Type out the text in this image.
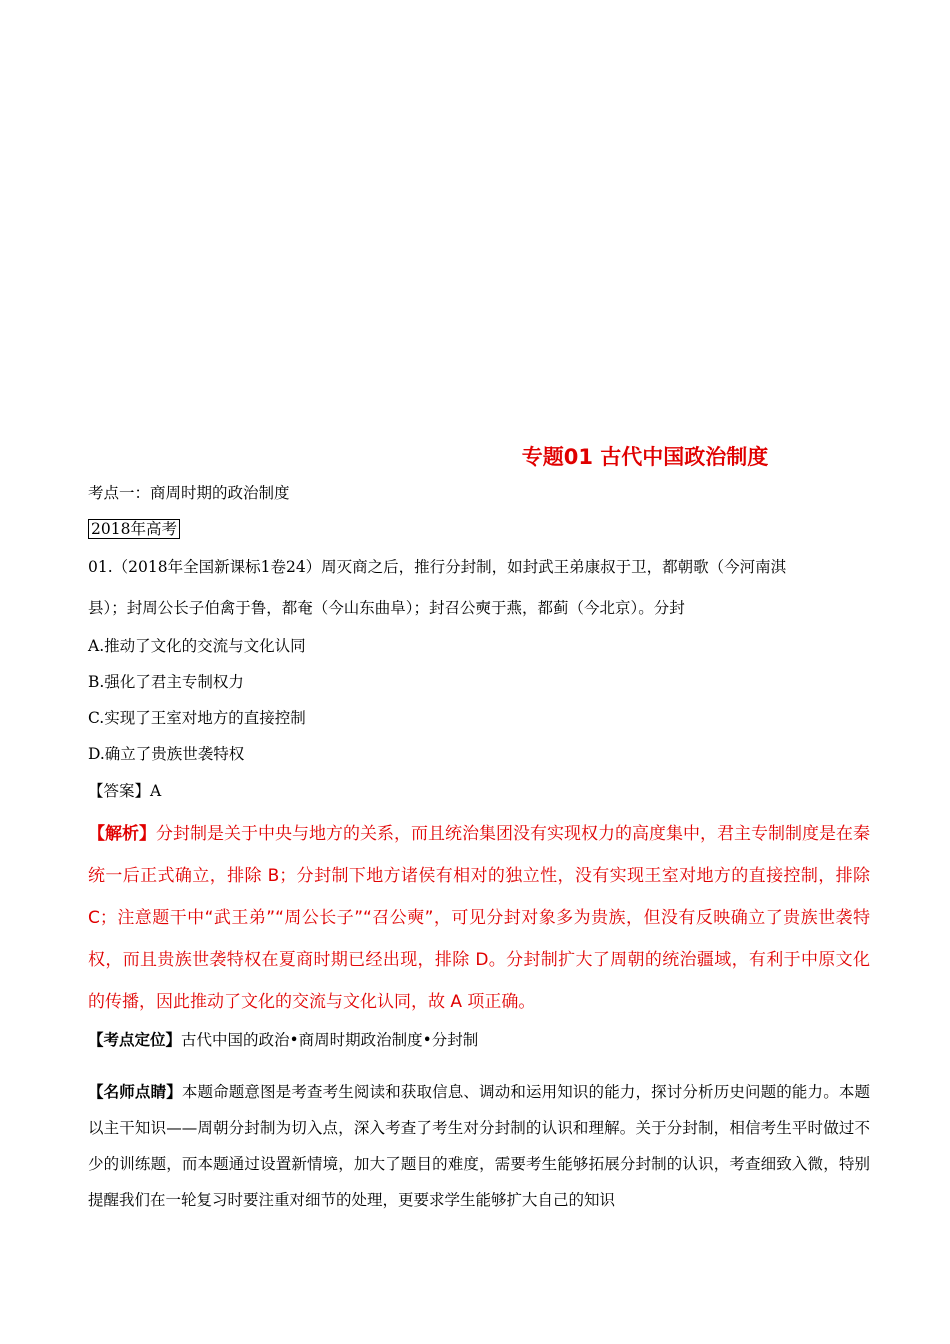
专题01 古代中国政治制度
考点一：商周时期的政治制度
2018年高考
01.（2018年全国新课标1卷24）周灭商之后，推行分封制，如封武王弟康叔于卫，都朝歌（今河南淇
县）；封周公长子伯禽于鲁，都奄（今山东曲阜）；封召公奭于燕，都蓟（今北京）。分封
A.推动了文化的交流与文化认同
B.强化了君主专制权力
C.实现了王室对地方的直接控制
D.确立了贵族世袭特权
【答案】A
【解析】分封制是关于中央与地方的关系，而且统治集团没有实现权力的高度集中，君主专制制度是在秦统一后正式确立，排除 B；分封制下地方诸侯有相对的独立性，没有实现王室对地方的直接控制，排除 C；注意题干中“武王弟”“周公长子”“召公奭”，可见分封对象多为贵族，但没有反映确立了贵族世袭特权，而且贵族世袭特权在夏商时期已经出现，排除 D。分封制扩大了周朝的统治疆域，有利于中原文化的传播，因此推动了文化的交流与文化认同，故 A 项正确。
【考点定位】古代中国的政治•商周时期政治制度•分封制
【名师点睛】本题命题意图是考查考生阅读和获取信息、调动和运用知识的能力，探讨分析历史问题的能力。本题以主干知识——周朝分封制为切入点，深入考查了考生对分封制的认识和理解。关于分封制，相信考生平时做过不少的训练题，而本题通过设置新情境，加大了题目的难度，需要考生能够拓展分封制的认识，考查细致入微，特别提醒我们在一轮复习时要注重对细节的处理，更要求学生能够扩大自己的知识
